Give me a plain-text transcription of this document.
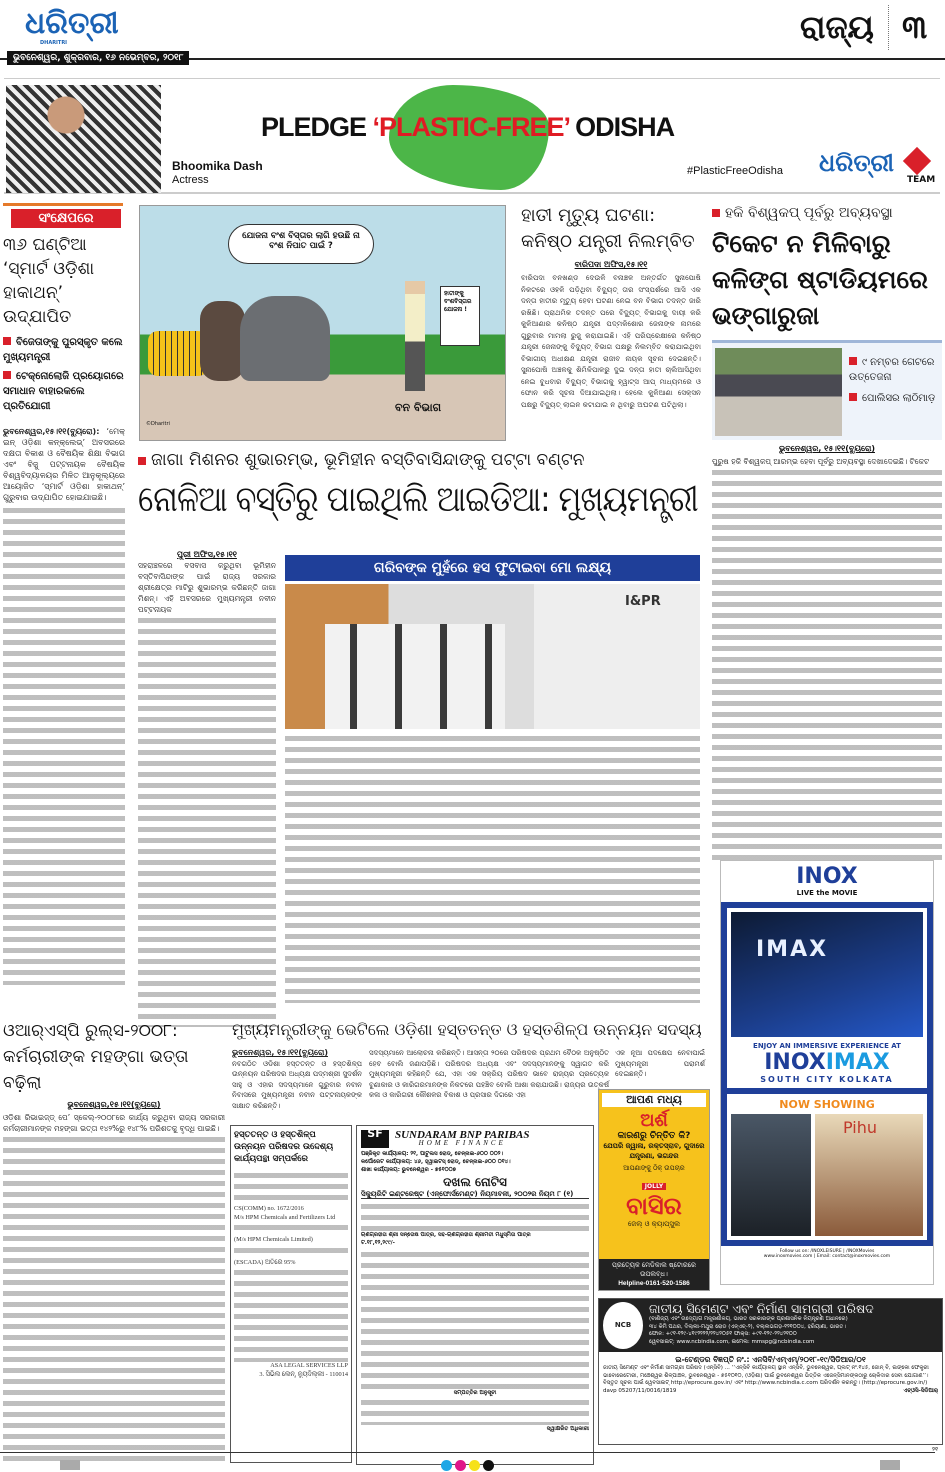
ଧରିତ୍ରୀ
DHARITRI
ଭୁବନେଶ୍ୱର, ଶୁକ୍ରବାର, ୧୬ ନଭେମ୍ବର, ୨୦୧୮
ରାଜ୍ୟ ୩
PLEDGE ‘PLASTIC-FREE’ ODISHA
Bhoomika Dash
Actress
#PlasticFreeOdisha ଧରିତ୍ରୀ
TEAM
ସଂକ୍ଷେପରେ
୩୬ ଘଣ୍ଟିଆ ‘ସ୍ମାର୍ଟ ଓଡ଼ିଶା ହାକାଥନ୍’ ଉଦ୍‌ଯାପିତ
ବିଜେତାଙ୍କୁ ପୁରସ୍କୃତ କଲେ ମୁଖ୍ୟମନ୍ତ୍ରୀ
ଟେକ୍ନୋଲୋଜି ପ୍ରୟୋଗରେ ସମାଧାନ ବାହାରକଲେ ପ୍ରତିଯୋଗୀ
ଭୁବନେଶ୍ୱର,୧୫।୧୧(ବ୍ୟୁରୋ): ‘ମେକ୍ ଇନ୍ ଓଡ଼ିଶା କନ୍‌କ୍ଲେଭ୍’ ଅବସରରେ ଦକ୍ଷତା ବିକାଶ ଓ ବୈଷୟିକ ଶିକ୍ଷା ବିଭାଗ ଏବଂ ବିଜୁ ପଟ୍ଟନାୟକ ବୈଷୟିକ ବିଶ୍ୱବିଦ୍ୟାଳୟର ମିଳିତ ଆନୁକୂଲ୍ୟରେ ଆୟୋଜିତ ‘ସ୍ମାର୍ଟ ଓଡ଼ିଶା ହାକାଥନ୍’ ଗୁରୁବାର ଉଦ୍‌ଯାପିତ ହୋଇଯାଇଛି।
ଯୋଜନା ବଂଶ ବିସ୍ତାର ଲାଗି ହଉଛି ନା ବଂଶ ନିପାତ ପାଇଁ ?
ହାତୀଙ୍କୁ ବଂଶବିସ୍ତାର ଯୋଜନା !
ବନ ବିଭାଗ
©Dharitri
ହାତୀ ମୃତ୍ୟୁ ଘଟଣା: କନିଷ୍ଠ ଯନ୍ତ୍ରୀ ନିଲମ୍ବିତ
ବାରିପଦା ଅଫିସ,୧୫।୧୧
ବାରିପଦା ବନଖଣ୍ଡ ଦେଉଳି ବନାଞ୍ଚଳ ଅନ୍ତର୍ଗତ ସୁନାପୋଷି ନିକଟରେ ଓହଳି ପଡ଼ିଥିବା ବିଦ୍ୟୁତ୍ ତାର ସଂସ୍ପର୍ଶରେ ଆସି ଏକ ଦନ୍ତା ହାତୀର ମୃତ୍ୟୁ ହେବା ଘଟଣା ନେଇ ବନ ବିଭାଗ ତଦନ୍ତ ଜାରି ରଖିଛି। ପ୍ରାଥମିକ ତଦନ୍ତ ପରେ ବିଦ୍ୟୁତ୍ ବିଭାଗକୁ ଦାୟୀ କରି କୁଳିଆଣାର କନିଷ୍ଠ ଯନ୍ତ୍ରୀ ପଦ୍ମକିଶୋର ଜେନାଙ୍କ ନାମରେ ଗୁରୁବାର ମାମଲା ରୁଜୁ କରାଯାଇଛି। ଏହି ପରିପ୍ରେକ୍ଷୀରେ କନିଷ୍ଠ ଯନ୍ତ୍ରୀ ଜେନାଙ୍କୁ ବିଦ୍ୟୁତ୍ ବିଭାଗ ପକ୍ଷରୁ ନିଲମ୍ବିତ କରାଯାଇଥିବା ବିଭାଗୀୟ ଅଧୀକ୍ଷଣ ଯନ୍ତ୍ରୀ ରାଜୀବ ନାୟକ ସୂଚନା ଦେଇଛନ୍ତି। ସୁନାପୋଷି ଅଞ୍ଚଳକୁ ଶିମିଳିପାଳରୁ ଦୁଇ ଦନ୍ତା ହାତୀ ଚାଲିଆସିଥିବା ନେଇ ବୁଧବାର ବିଦ୍ୟୁତ୍ ବିଭାଗକୁ ହ୍ୱାଟ୍ସ ଆପ୍ ମାଧ୍ୟମରେ ଓ ଫୋନ କରି ସୂଚନା ଦିଆଯାଇଥିଲା। ହେଲେ କୁଳିଆଣା ସେକ୍ସନ ପକ୍ଷରୁ ବିଦ୍ୟୁତ୍ ଲାଇନ କଟାଯାଇ ନ ଥିବାରୁ ଅଘଟଣ ଘଟିଥିଲା।
ହକି ବିଶ୍ୱକପ୍ ପୂର୍ବରୁ ଅବ୍ୟବସ୍ଥା
ଟିକେଟ ନ ମିଳିବାରୁ କଳିଙ୍ଗ ଷ୍ଟାଡିୟମରେ ଭଙ୍ଗାରୁଜା
୯ ନମ୍ବର ଗେଟରେ ଉତ୍ତେଜନା
ପୋଲିସର ଲାଠିମାଡ଼
ଭୁବନେଶ୍ୱର, ୧୫।୧୧(ବ୍ୟୁରୋ)
ପୁରୁଷ ହକି ବିଶ୍ୱକପ୍ ଆରମ୍ଭ ହେବା ପୂର୍ବରୁ ଅବ୍ୟବସ୍ଥା ଦେଖାଦେଇଛି। ଟିକେଟ
ଜାଗା ମିଶନର ଶୁଭାରମ୍ଭ, ଭୂମିହୀନ ବସ୍ତିବାସିନ୍ଦାଙ୍କୁ ପଟ୍ଟା ବଣ୍ଟନ
ନୋଳିଆ ବସ୍ତିରୁ ପାଇଥିଲି ଆଇଡିଆ: ମୁଖ୍ୟମନ୍ତ୍ରୀ
ପୁରୀ ଅଫିସ,୧୫।୧୧
ସହରାଞ୍ଚଳରେ ବସବାସ କରୁଥିବା ଭୂମିହୀନ ବସ୍ତିବାସିନ୍ଦାଙ୍କ ପାଇଁ ରାଜ୍ୟ ସରକାର ଶ୍ରୀକ୍ଷେତ୍ର ମାଟିରୁ ଶୁଭାରମ୍ଭ କରିଛନ୍ତି ଜାଗା ମିଶନ୍। ଏହି ଅବସରରେ ମୁଖ୍ୟମନ୍ତ୍ରୀ ନବୀନ ପଟ୍ଟନାୟକ
ଗରିବଙ୍କ ମୁହଁରେ ହସ ଫୁଟାଇବା ମୋ ଲକ୍ଷ୍ୟ
I&PR
INOX
LIVE the MOVIE
IMAX
ENJOY AN IMMERSIVE EXPERIENCE AT
INOXIMAX
SOUTH CITY KOLKATA
NOW SHOWING
Pihu
Follow us on: /INOXLEISURE | /INOXMovies
www.inoxmovies.com | Email: contact@inoxmovies.com
ଓଆର୍‌ଏସ୍‌ପି ରୁଲ୍ସ-୨୦୦୮: କର୍ମଚାରୀଙ୍କ ମହଙ୍ଗା ଭତ୍ତା ବଢ଼ିଲା
ଭୁବନେଶ୍ୱର,୧୫।୧୧(ବ୍ୟୁରୋ)
ଓଡ଼ିଶା ରିଭାଇଜ୍‌ଡ୍ ପେ’ ସ୍କେଲ୍-୨୦୦୮ରେ କାର୍ଯ୍ୟ କରୁଥିବା ରାଜ୍ୟ ସରକାରୀ କର୍ମଚାରୀମାନଙ୍କ ମହଙ୍ଗା ଭତ୍ତା ୧୪୨%ରୁ ୧୪୮% ପରିଶତକୁ ବୃଦ୍ଧି ପାଇଛି।
ମୁଖ୍ୟମନ୍ତ୍ରୀଙ୍କୁ ଭେଟିଲେ ଓଡ଼ିଶା ହସ୍ତତନ୍ତ ଓ ହସ୍ତଶିଳ୍ପ ଉନ୍ନୟନ ସଦସ୍ୟ
ଭୁବନେଶ୍ୱର, ୧୫।୧୧(ବ୍ୟୁରୋ)
ନବଗଠିତ ଓଡିଶା ହସ୍ତତନ୍ତ ଓ ହସ୍ତଶିଳ୍ପ ଉନ୍ନୟନ ପରିଷଦର ଅଧ୍ୟକ୍ଷ ପଦ୍ମଶ୍ରୀ ସୁଦର୍ଶନ ସାହୁ ଓ ଏହାର ସଦସ୍ୟମାନେ ଗୁରୁବାର ନବୀନ ନିବାସରେ ମୁଖ୍ୟମନ୍ତ୍ରୀ ନବୀନ ପଟ୍ଟନାୟକଙ୍କ ସାକ୍ଷାତ କରିଛନ୍ତି।
ସଦସ୍ୟମାନେ ଆଲୋଚନା କରିଛନ୍ତି। ଆସନ୍ତା ୨୦ରେ ପରିଷଦର ପ୍ରଥମ ବୈଠକ ଅନୁଷ୍ଠିତ ହେବ ବୋଲି ଜଣାପଡ଼ିଛି। ପରିଷଦର ଅଧ୍ୟକ୍ଷ ଏବଂ ସଦସ୍ୟମାନଙ୍କୁ ସ୍ୱାଗତ କରି ମୁଖ୍ୟମନ୍ତ୍ରୀ କହିଛନ୍ତି ଯେ, ଏହା ଏକ ସକ୍ରିୟ ପରିଷଦ ଭାବେ ରାଜ୍ୟର ପ୍ରତ୍ୟେକ ବୁଣାକାର ଓ କାରିଗରମାନଙ୍କ ନିକଟରେ ପହଞ୍ଚିବ ବୋଲି ଆଶା କରାଯାଉଛି। ରାଜ୍ୟର ଉତ୍କର୍ଷ କଳା ଓ କାରିଗରୀ କୌଶଳର ବିକାଶ ଓ ପ୍ରସାର ଦିଗରେ ଏହା
ଏକ ନୂଆ ପଦକ୍ଷେପ ନେବାପାଇଁ ମୁଖ୍ୟମନ୍ତ୍ରୀ ପରାମର୍ଶ ଦେଇଛନ୍ତି।
ହସ୍ତତନ୍ତ ଓ ହସ୍ତଶିଳ୍ପ ଉନ୍ନୟନ ପରିଷଦର ଉଦ୍ଦେଶ୍ୟ କାର୍ଯ୍ୟପନ୍ଥା ସମ୍ପର୍କରେ
CS(COMM) no. 1672/2016
M/s HPM Chemicals and Fertilizers Ltd
(M/s HPM Chemicals Limited)
(ESCADA) ଅତିରେ 95%
ASA LEGAL SERVICES LLP
3. ସିଭିଲ ଲେନ୍, ନ୍ୟୁଦିଲ୍ଲୀ - 110014
SF	SUNDARAM BNP PARIBAS
HOME FINANCE
ପଞ୍ଜିକୃତ କାର୍ଯ୍ୟାଳୟ: ୨୧, ପାଟୁଲସ ରୋଡ୍, ଚେନ୍ନାଇ-୬୦୦ ୦୦୨।
କର୍ପୋରେଟ କାର୍ଯ୍ୟାଳୟ: ୪୬, ହ୍ୱାଇଟସ୍ ରୋଡ୍, ଚେନ୍ନାଇ-୬୦୦ ୦୧୪।
ଶାଖା କାର୍ଯ୍ୟାଳୟ: ଭୁବନେଶ୍ୱର - ୭୫୧୦୦୭
ଦଖଲ ନୋଟିସ
ସିକ୍ୟୁରିଟି ଇଣ୍ଟରେଷ୍ଟ (ଏନ୍‌ଫୋର୍ସମେଣ୍ଟ) ନିୟମାବଳୀ, ୨୦୦୨ର ନିୟମ ୮ (୧)
ଋଣଗ୍ରହୀତା ଶ୍ରୀ ସନ୍ତୋଷ ପାତ୍ର, ସହ-ଋଣଗ୍ରହୀତା ଶ୍ରୀମତୀ ମଧୁସ୍ମିତା ପାତ୍ର
ଟ.୧୮,୧୨,୨୯୯/-
ସମ୍ପତ୍ତିର ଅନୁସୂଚୀ
ସ୍ୱାକ୍ଷରିତ ଅଧିକାରୀ
ଆପଣ ମଧ୍ୟ
ଅର୍ଶ
କାରଣରୁ ଚିନ୍ତିତ କି?
ଯେପରି ଜ୍ୱାଳା, ରକ୍ତସ୍ରାବ, ଗୁଦାରେ ଯନ୍ତ୍ରଣା, ଭଗନ୍ଦର
ଆପଣାଙ୍କୁ ଠିକ୍ ଉପଚାର
JOLLY
ବାସିର
ଜେଲ୍ ଓ କ୍ୟାପ୍‌ସୁଲ
ପ୍ରତ୍ୟେକ ମେଡିକାଲ ଷ୍ଟୋରରେ ଉପଲବ୍ଧ।
Helpline-0161-520-1586
NCB
ଜାତୀୟ ସିମେଣ୍ଟ ଏବଂ ନିର୍ମାଣ ସାମଗ୍ରୀ ପରିଷଦ
(ବାଣିଜ୍ୟ ଏବଂ ଉଦ୍ୟୋଗ ମନ୍ତ୍ରଣାଳୟ, ଭାରତ ସରକାରଙ୍କ ପ୍ରଶାସନିକ ନିୟନ୍ତ୍ରଣ ଅଧୀନରେ)
୩୪ କିମି ପଥର, ଦିଲ୍ଲୀ-ମଥୁରା ରୋଡ (ଏନ୍‌ଏଚ୍-୨), ବଲ୍ଲଭଗଡ଼-୧୨୧୦୦୪, ହରିୟାଣା, ଭାରତ।
ଫୋନ: +୯୧-୧୨୯-୪୧୯୨୨୨୨/୨୨୪୨୦୫୧ ଫାକ୍ସ: +୯୧-୧୨୯-୨୨୪୨୧୦୦
ୱେବସାଇଟ୍: www.ncbindia.com, ଇମେଲ: mmspg@ncbindia.com
ଇ-ଟେଣ୍ଡର ବିଜ୍ଞପ୍ତି ନଂ.: ଏନସିବି/ଏମ୍‌ଏମ୍/୨୦୧୮-୧୯/ସିଡିଆର/୦୧
ଜାତୀୟ ସିମେଣ୍ଟ ଏବଂ ନିର୍ମାଣ ସାମଗ୍ରୀ ପରିଷଦ (ଏନ୍‌ସିବି) ... ‘‘ଏନ୍‌ସିବି କାର୍ଯ୍ୟାଳୟ ସ୍ଥାନ ଏନ୍‌ସିବି, ଭୁବନେଶ୍ୱର, ପ୍ଲଟ୍ ନଂ.୧୪୫, ଜୋନ୍ ବି, ଇଙ୍କୋ ଫେକ୍ଟ୍ରୀ ଭାବୋରେଟୋରୀ, ମଞ୍ଚେଶ୍ୱର ଶିଳ୍ପାଞ୍ଚଳ, ଭୁବନେଶ୍ୱର - ୭୫୧୦୧୦, (ଓଡ଼ିଶା) ପାଇଁ ଭୁବନେଶ୍ୱର ଭିତ୍ତିକ ଏଜେନ୍ସିମାନଙ୍କଠାରୁ ଚୋକିଦାର ସେବା ଯୋଗାଣ’’।
ବିସ୍ତୃତ ସୂଚନା ପାଇଁ ୱେବସାଇଟ୍ http://eprocure.gov.in/ ଏବଂ http://www.ncbindia.c.com ପରିଦର୍ଶନ କରନ୍ତୁ। (http://eprocure.gov.in/)
davp 05207/11/0016/1819	ଏଚ୍‌ଓସି-ସିଡିଆର୍
୨୧
